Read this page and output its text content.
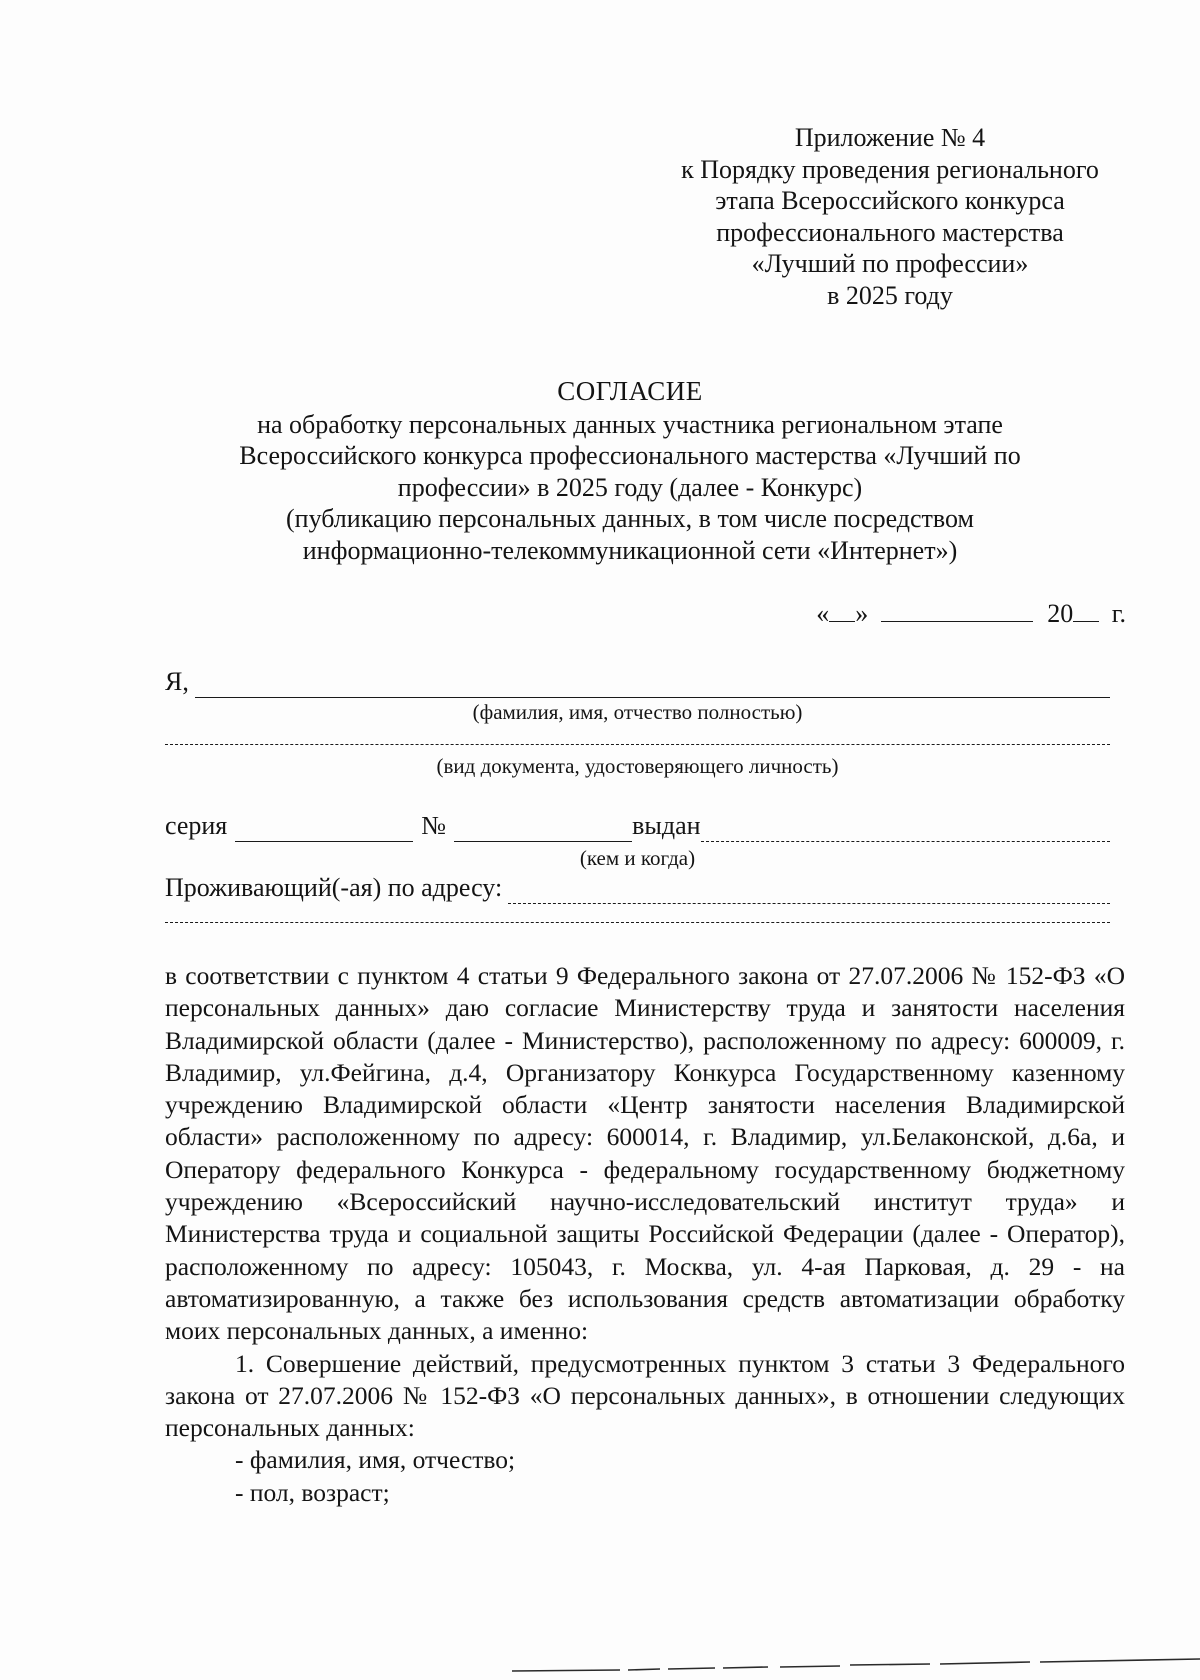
Приложение № 4
к Порядку проведения регионального
этапа Всероссийского конкурса
профессионального мастерства
«Лучший по профессии»
в 2025 году
СОГЛАСИЕ
на обработку персональных данных участника региональном этапе
Всероссийского конкурса профессионального мастерства «Лучший по
профессии» в 2025 году (далее - Конкурс)
(публикацию персональных данных, в том числе посредством
информационно-телекоммуникационной сети «Интернет»)
« »	20 г.
Я,
(фамилия, имя, отчество полностью)
(вид документа, удостоверяющего личность)
серия	№	выдан
(кем и когда)
Проживающий(-ая) по адресу:

в соответствии с пунктом 4 статьи 9 Федерального закона от 27.07.2006 № 152-ФЗ «О персональных данных» даю согласие Министерству труда и занятости населения Владимирской области (далее - Министерство), расположенному по адресу: 600009, г. Владимир, ул.Фейгина, д.4, Организатору Конкурса Государственному казенному учреждению Владимирской области «Центр занятости населения Владимирской области» расположенному по адресу: 600014, г. Владимир, ул.Белаконской, д.6а, и Оператору федерального Конкурса - федеральному государственному бюджетному учреждению «Всероссийский научно-исследовательский институт труда» и Министерства труда и социальной защиты Российской Федерации (далее - Оператор), расположенному по адресу: 105043, г. Москва, ул. 4-ая Парковая, д. 29 - на автоматизированную, а также без использования средств автоматизации обработку моих персональных данных, а именно:

1. Совершение действий, предусмотренных пунктом 3 статьи 3 Федерального закона от 27.07.2006 № 152-ФЗ «О персональных данных», в отношении следующих персональных данных:

- фамилия, имя, отчество;

- пол, возраст;
